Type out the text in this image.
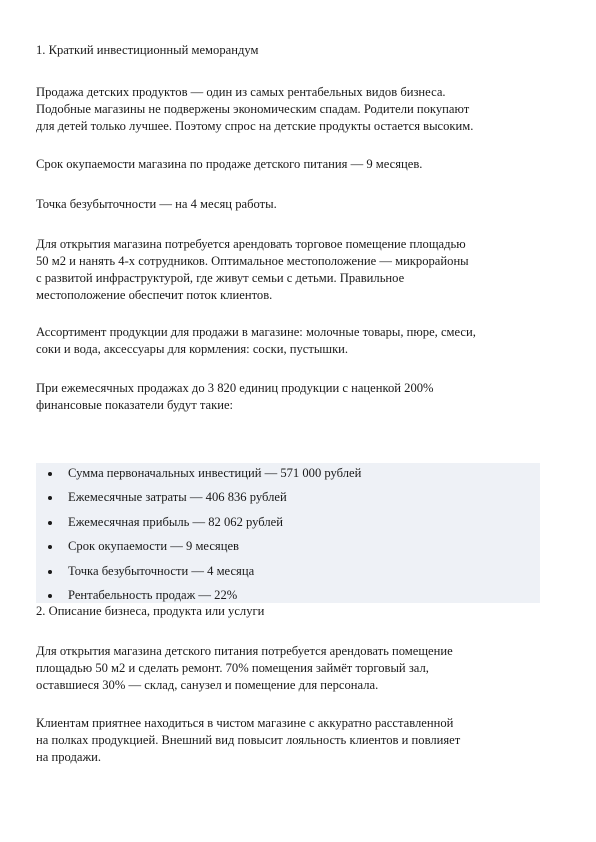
1. Краткий инвестиционный меморандум

Продажа детских продуктов — один из самых рентабельных видов бизнеса.
Подобные магазины не подвержены экономическим спадам. Родители покупают
для детей только лучшее. Поэтому спрос на детские продукты остается высоким.

Срок окупаемости магазина по продаже детского питания — 9 месяцев.

Точка безубыточности — на 4 месяц работы.

Для открытия магазина потребуется арендовать торговое помещение площадью
50 м2 и нанять 4-х сотрудников. Оптимальное местоположение — микрорайоны
с развитой инфраструктурой, где живут семьи с детьми. Правильное
местоположение обеспечит поток клиентов.

Ассортимент продукции для продажи в магазине: молочные товары, пюре, смеси,
соки и вода, аксессуары для кормления: соски, пустышки.

При ежемесячных продажах до 3 820 единиц продукции с наценкой 200%
финансовые показатели будут такие:

Сумма первоначальных инвестиций — 571 000 рублей
Ежемесячные затраты — 406 836 рублей
Ежемесячная прибыль — 82 062 рублей
Срок окупаемости — 9 месяцев
Точка безубыточности — 4 месяца
Рентабельность продаж — 22%

2. Описание бизнеса, продукта или услуги

Для открытия магазина детского питания потребуется арендовать помещение
площадью 50 м2 и сделать ремонт. 70% помещения займёт торговый зал,
оставшиеся 30% — склад, санузел и помещение для персонала.

Клиентам приятнее находиться в чистом магазине с аккуратно расставленной
на полках продукцией. Внешний вид повысит лояльность клиентов и повлияет
на продажи.
